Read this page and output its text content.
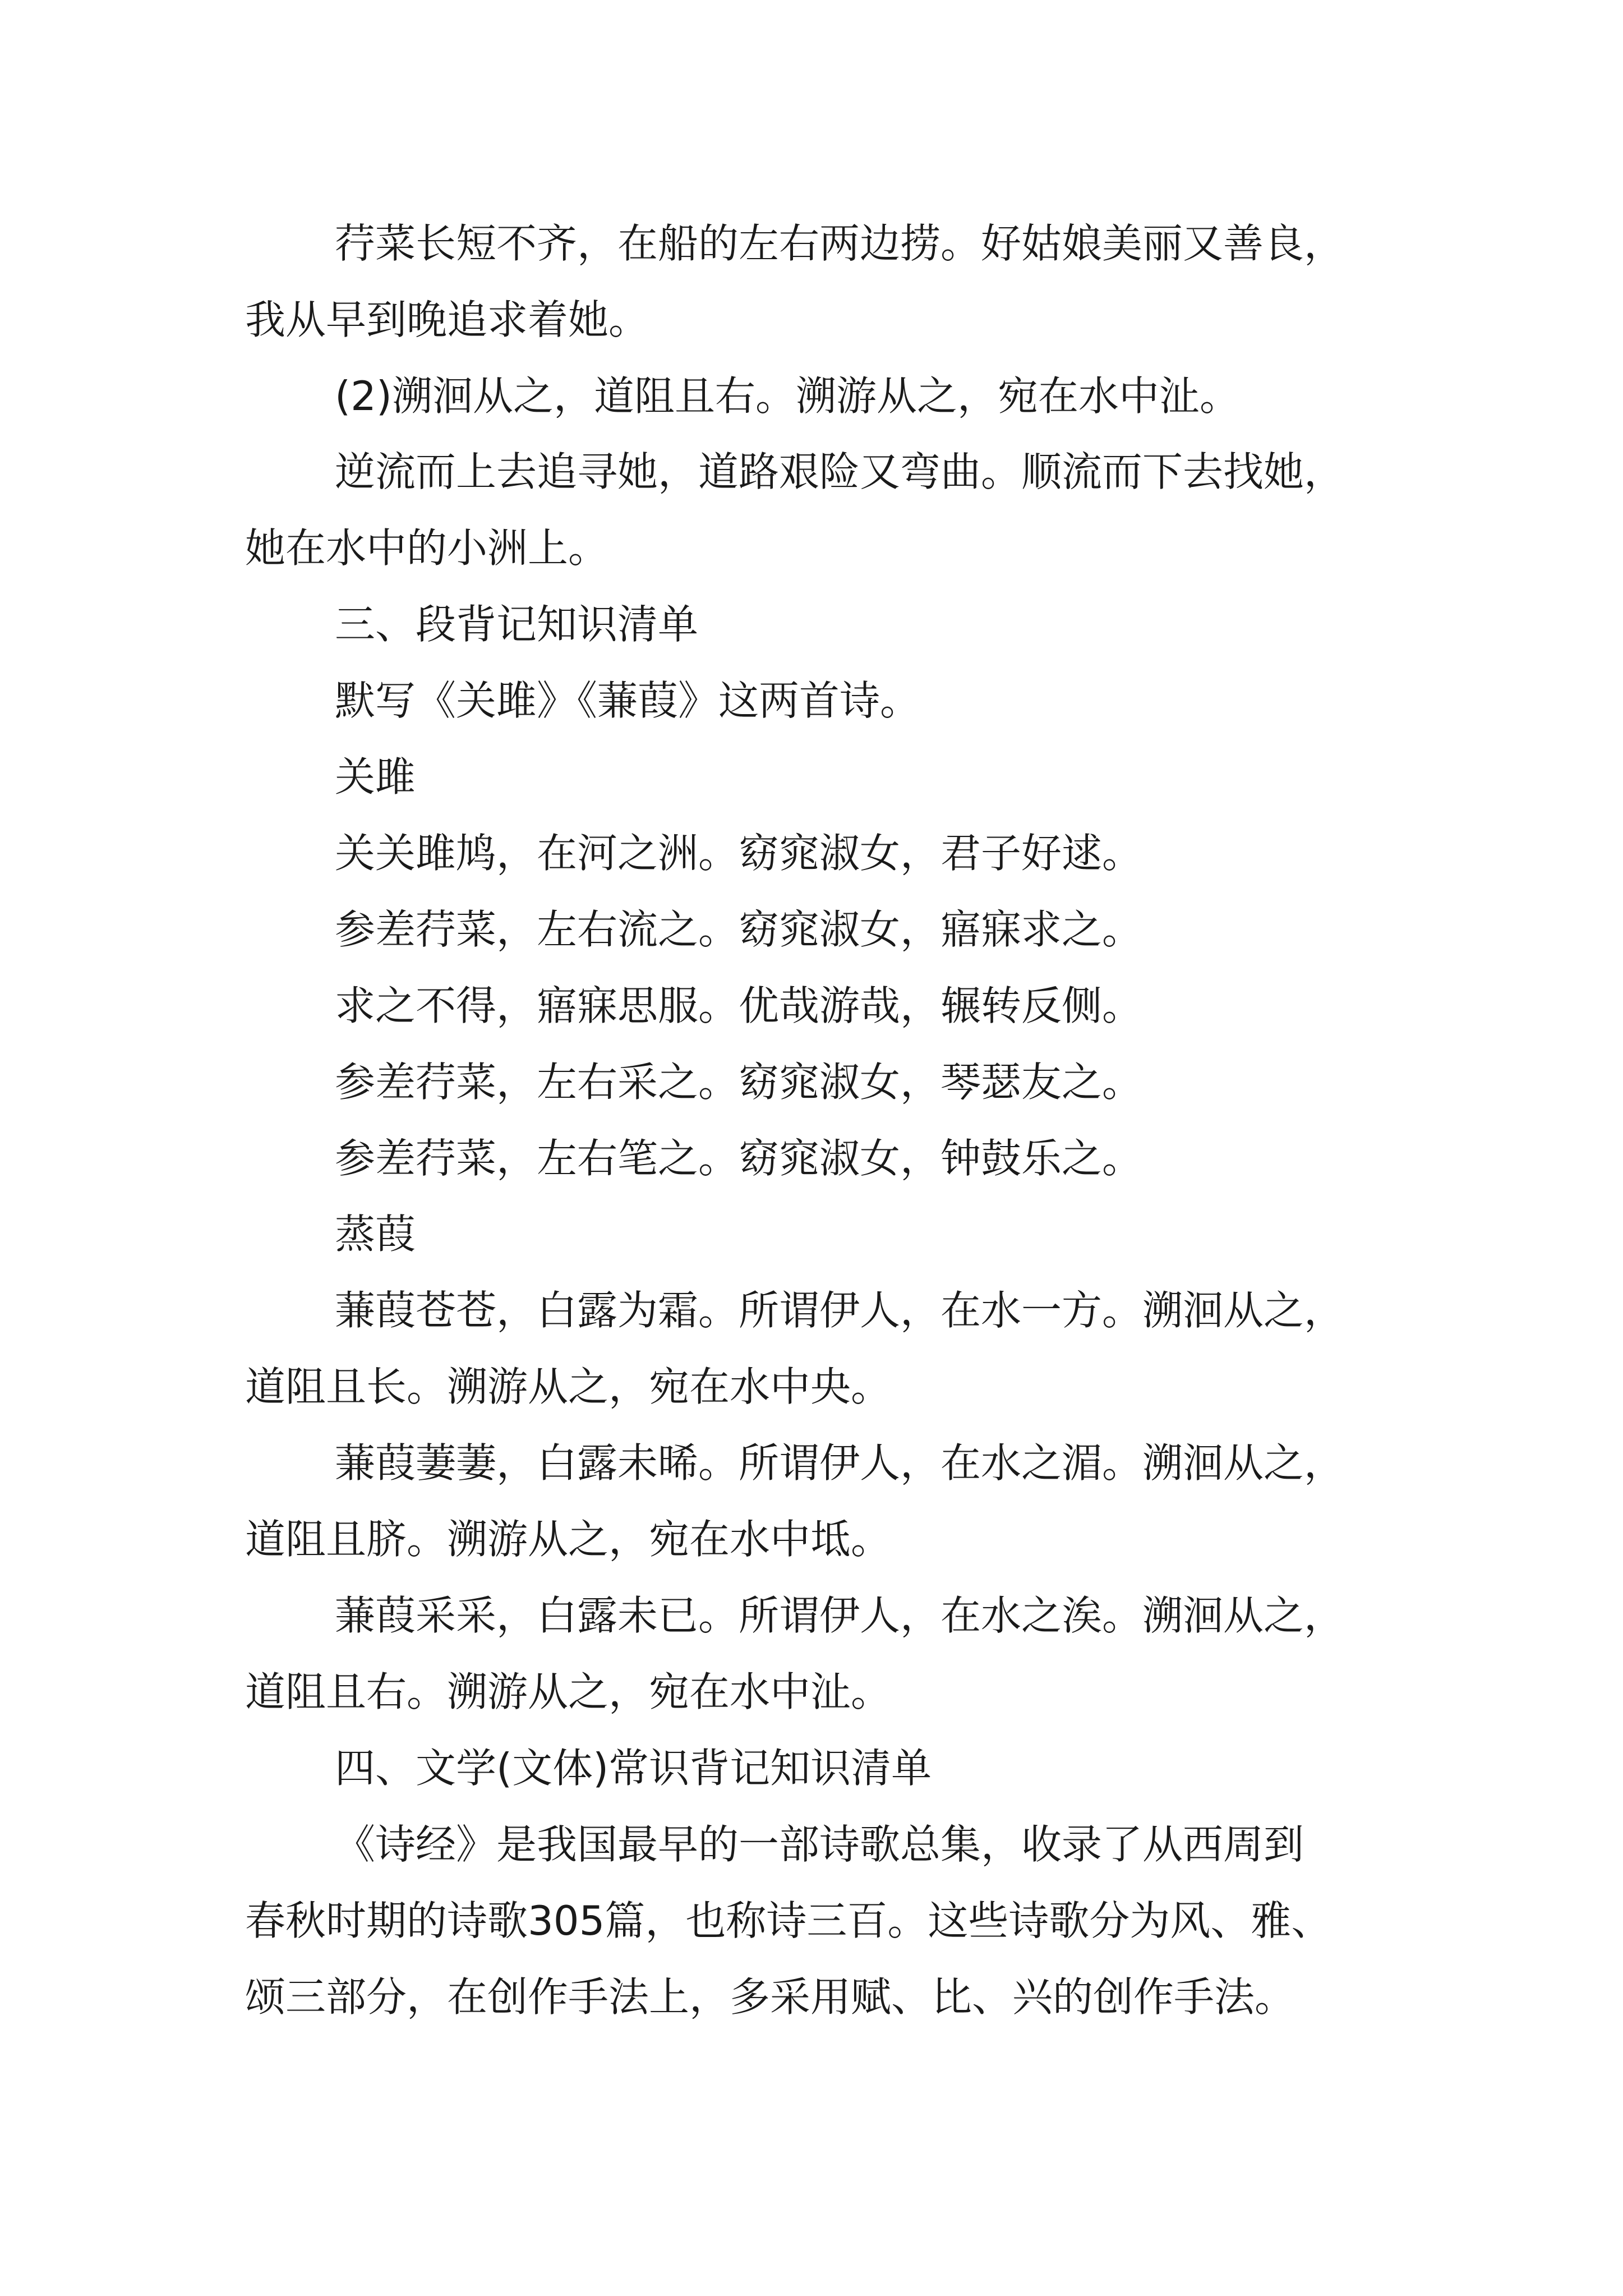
荇菜长短不齐，在船的左右两边捞。好姑娘美丽又善良，
我从早到晚追求着她。
(2)溯洄从之，道阻且右。溯游从之，宛在水中沚。
逆流而上去追寻她，道路艰险又弯曲。顺流而下去找她，
她在水中的小洲上。
三、段背记知识清单
默写《关雎》《蒹葭》这两首诗。
关雎
关关雎鸠，在河之洲。窈窕淑女，君子好逑。
参差荇菜，左右流之。窈窕淑女，寤寐求之。
求之不得，寤寐思服。优哉游哉，辗转反侧。
参差荇菜，左右采之。窈窕淑女，琴瑟友之。
参差荇菜，左右笔之。窈窕淑女，钟鼓乐之。
蒸葭
蒹葭苍苍，白露为霜。所谓伊人，在水一方。溯洄从之，
道阻且长。溯游从之，宛在水中央。
蒹葭萋萋，白露未晞。所谓伊人，在水之湄。溯洄从之，
道阻且脐。溯游从之，宛在水中坻。
蒹葭采采，白露未已。所谓伊人，在水之涘。溯洄从之，
道阻且右。溯游从之，宛在水中沚。
四、文学(文体)常识背记知识清单
《诗经》是我国最早的一部诗歌总集，收录了从西周到
春秋时期的诗歌305篇，也称诗三百。这些诗歌分为风、雅、
颂三部分，在创作手法上，多采用赋、比、兴的创作手法。
